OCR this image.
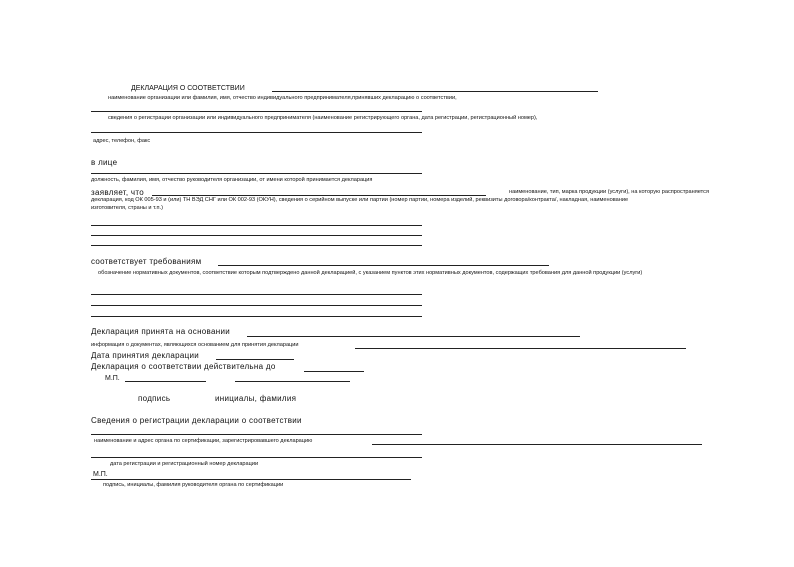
ДЕКЛАРАЦИЯ О СООТВЕТСТВИИ
наименование организации или фамилия, имя, отчество индивидуального предпринимателя,принявших декларацию о соответствии,
сведения о регистрации организации или индивидуального предпринимателя (наименование регистрирующего органа, дата регистрации, регистрационный номер),
адрес, телефон, факс
в лице
должность, фамилия, имя, отчество руководителя организации, от имени которой принимается декларация
заявляет, что	наименование, тип, марка продукции (услуги), на которую распространяется
декларация, код ОК 005-93 и (или) ТН ВЭД СНГ или ОК 002-93 (ОКУН), сведения о серийном выпуске или партии (номер партии, номера изделий, реквизиты договора/контракта/, накладная, наименование
изготовителя, страны и т.п.)
соответствует требованиям
обозначение нормативных документов, соответствие которым подтверждено данной декларацией, с указанием пунктов этих нормативных документов, содержащих требования для данной продукции (услуги)
Декларация принята на основании
информация о документах, являющихся основанием для принятия декларации
Дата принятия декларации
Декларация о соответствии действительна до
М.П.
подпись	инициалы, фамилия
Сведения о регистрации декларации о соответствии
наименование и адрес органа по сертификации, зарегистрировавшего декларацию
дата регистрации и регистрационный номер декларации
М.П.
подпись, инициалы, фамилия руководителя органа по сертификации
